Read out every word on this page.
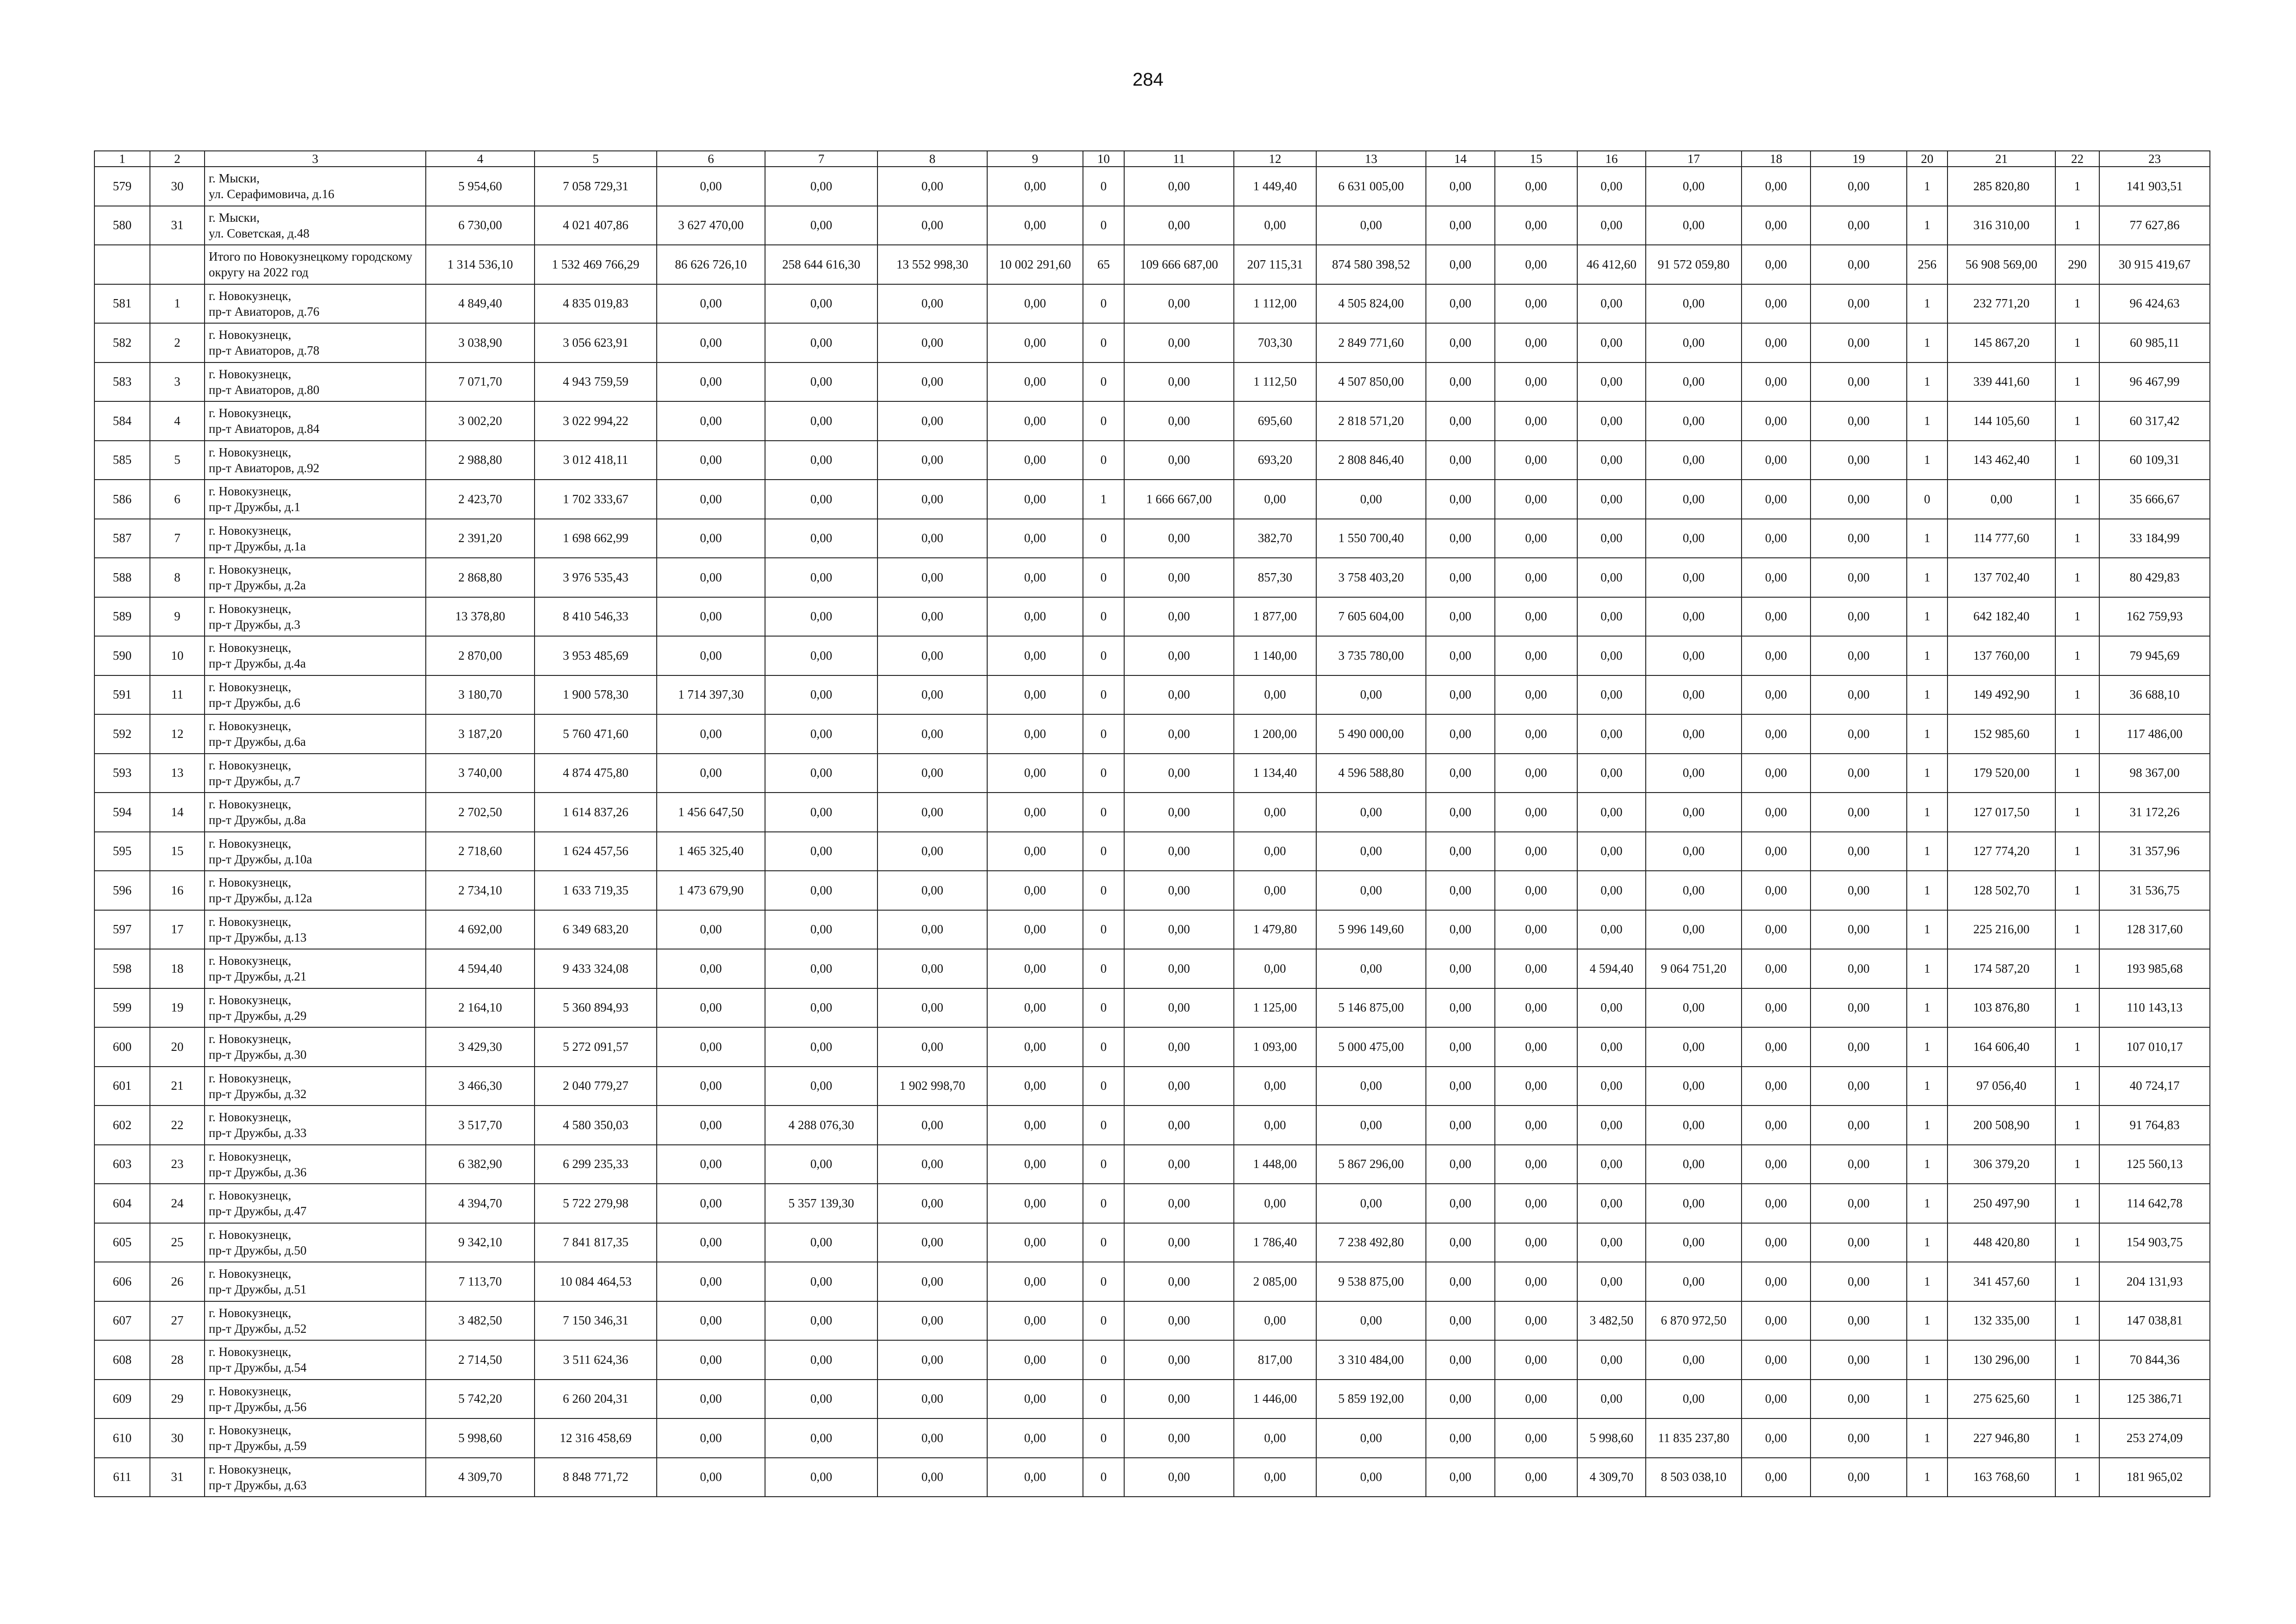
284
1	2	3	4	5	6	7	8	9	10	11	12	13	14	15	16	17	18	19	20	21	22	23
579	30	г. Мыски,
ул. Серафимовича, д.16	5 954,60	7 058 729,31	0,00	0,00	0,00	0,00	0	0,00	1 449,40	6 631 005,00	0,00	0,00	0,00	0,00	0,00	0,00	1	285 820,80	1	141 903,51
580	31	г. Мыски,
ул. Советская, д.48	6 730,00	4 021 407,86	3 627 470,00	0,00	0,00	0,00	0	0,00	0,00	0,00	0,00	0,00	0,00	0,00	0,00	0,00	1	316 310,00	1	77 627,86
		Итого по Новокузнецкому городскому
округу на 2022 год	1 314 536,10	1 532 469 766,29	86 626 726,10	258 644 616,30	13 552 998,30	10 002 291,60	65	109 666 687,00	207 115,31	874 580 398,52	0,00	0,00	46 412,60	91 572 059,80	0,00	0,00	256	56 908 569,00	290	30 915 419,67
581	1	г. Новокузнецк,
пр-т Авиаторов, д.76	4 849,40	4 835 019,83	0,00	0,00	0,00	0,00	0	0,00	1 112,00	4 505 824,00	0,00	0,00	0,00	0,00	0,00	0,00	1	232 771,20	1	96 424,63
582	2	г. Новокузнецк,
пр-т Авиаторов, д.78	3 038,90	3 056 623,91	0,00	0,00	0,00	0,00	0	0,00	703,30	2 849 771,60	0,00	0,00	0,00	0,00	0,00	0,00	1	145 867,20	1	60 985,11
583	3	г. Новокузнецк,
пр-т Авиаторов, д.80	7 071,70	4 943 759,59	0,00	0,00	0,00	0,00	0	0,00	1 112,50	4 507 850,00	0,00	0,00	0,00	0,00	0,00	0,00	1	339 441,60	1	96 467,99
584	4	г. Новокузнецк,
пр-т Авиаторов, д.84	3 002,20	3 022 994,22	0,00	0,00	0,00	0,00	0	0,00	695,60	2 818 571,20	0,00	0,00	0,00	0,00	0,00	0,00	1	144 105,60	1	60 317,42
585	5	г. Новокузнецк,
пр-т Авиаторов, д.92	2 988,80	3 012 418,11	0,00	0,00	0,00	0,00	0	0,00	693,20	2 808 846,40	0,00	0,00	0,00	0,00	0,00	0,00	1	143 462,40	1	60 109,31
586	6	г. Новокузнецк,
пр-т Дружбы, д.1	2 423,70	1 702 333,67	0,00	0,00	0,00	0,00	1	1 666 667,00	0,00	0,00	0,00	0,00	0,00	0,00	0,00	0,00	0	0,00	1	35 666,67
587	7	г. Новокузнецк,
пр-т Дружбы, д.1а	2 391,20	1 698 662,99	0,00	0,00	0,00	0,00	0	0,00	382,70	1 550 700,40	0,00	0,00	0,00	0,00	0,00	0,00	1	114 777,60	1	33 184,99
588	8	г. Новокузнецк,
пр-т Дружбы, д.2а	2 868,80	3 976 535,43	0,00	0,00	0,00	0,00	0	0,00	857,30	3 758 403,20	0,00	0,00	0,00	0,00	0,00	0,00	1	137 702,40	1	80 429,83
589	9	г. Новокузнецк,
пр-т Дружбы, д.3	13 378,80	8 410 546,33	0,00	0,00	0,00	0,00	0	0,00	1 877,00	7 605 604,00	0,00	0,00	0,00	0,00	0,00	0,00	1	642 182,40	1	162 759,93
590	10	г. Новокузнецк,
пр-т Дружбы, д.4а	2 870,00	3 953 485,69	0,00	0,00	0,00	0,00	0	0,00	1 140,00	3 735 780,00	0,00	0,00	0,00	0,00	0,00	0,00	1	137 760,00	1	79 945,69
591	11	г. Новокузнецк,
пр-т Дружбы, д.6	3 180,70	1 900 578,30	1 714 397,30	0,00	0,00	0,00	0	0,00	0,00	0,00	0,00	0,00	0,00	0,00	0,00	0,00	1	149 492,90	1	36 688,10
592	12	г. Новокузнецк,
пр-т Дружбы, д.6а	3 187,20	5 760 471,60	0,00	0,00	0,00	0,00	0	0,00	1 200,00	5 490 000,00	0,00	0,00	0,00	0,00	0,00	0,00	1	152 985,60	1	117 486,00
593	13	г. Новокузнецк,
пр-т Дружбы, д.7	3 740,00	4 874 475,80	0,00	0,00	0,00	0,00	0	0,00	1 134,40	4 596 588,80	0,00	0,00	0,00	0,00	0,00	0,00	1	179 520,00	1	98 367,00
594	14	г. Новокузнецк,
пр-т Дружбы, д.8а	2 702,50	1 614 837,26	1 456 647,50	0,00	0,00	0,00	0	0,00	0,00	0,00	0,00	0,00	0,00	0,00	0,00	0,00	1	127 017,50	1	31 172,26
595	15	г. Новокузнецк,
пр-т Дружбы, д.10а	2 718,60	1 624 457,56	1 465 325,40	0,00	0,00	0,00	0	0,00	0,00	0,00	0,00	0,00	0,00	0,00	0,00	0,00	1	127 774,20	1	31 357,96
596	16	г. Новокузнецк,
пр-т Дружбы, д.12а	2 734,10	1 633 719,35	1 473 679,90	0,00	0,00	0,00	0	0,00	0,00	0,00	0,00	0,00	0,00	0,00	0,00	0,00	1	128 502,70	1	31 536,75
597	17	г. Новокузнецк,
пр-т Дружбы, д.13	4 692,00	6 349 683,20	0,00	0,00	0,00	0,00	0	0,00	1 479,80	5 996 149,60	0,00	0,00	0,00	0,00	0,00	0,00	1	225 216,00	1	128 317,60
598	18	г. Новокузнецк,
пр-т Дружбы, д.21	4 594,40	9 433 324,08	0,00	0,00	0,00	0,00	0	0,00	0,00	0,00	0,00	0,00	4 594,40	9 064 751,20	0,00	0,00	1	174 587,20	1	193 985,68
599	19	г. Новокузнецк,
пр-т Дружбы, д.29	2 164,10	5 360 894,93	0,00	0,00	0,00	0,00	0	0,00	1 125,00	5 146 875,00	0,00	0,00	0,00	0,00	0,00	0,00	1	103 876,80	1	110 143,13
600	20	г. Новокузнецк,
пр-т Дружбы, д.30	3 429,30	5 272 091,57	0,00	0,00	0,00	0,00	0	0,00	1 093,00	5 000 475,00	0,00	0,00	0,00	0,00	0,00	0,00	1	164 606,40	1	107 010,17
601	21	г. Новокузнецк,
пр-т Дружбы, д.32	3 466,30	2 040 779,27	0,00	0,00	1 902 998,70	0,00	0	0,00	0,00	0,00	0,00	0,00	0,00	0,00	0,00	0,00	1	97 056,40	1	40 724,17
602	22	г. Новокузнецк,
пр-т Дружбы, д.33	3 517,70	4 580 350,03	0,00	4 288 076,30	0,00	0,00	0	0,00	0,00	0,00	0,00	0,00	0,00	0,00	0,00	0,00	1	200 508,90	1	91 764,83
603	23	г. Новокузнецк,
пр-т Дружбы, д.36	6 382,90	6 299 235,33	0,00	0,00	0,00	0,00	0	0,00	1 448,00	5 867 296,00	0,00	0,00	0,00	0,00	0,00	0,00	1	306 379,20	1	125 560,13
604	24	г. Новокузнецк,
пр-т Дружбы, д.47	4 394,70	5 722 279,98	0,00	5 357 139,30	0,00	0,00	0	0,00	0,00	0,00	0,00	0,00	0,00	0,00	0,00	0,00	1	250 497,90	1	114 642,78
605	25	г. Новокузнецк,
пр-т Дружбы, д.50	9 342,10	7 841 817,35	0,00	0,00	0,00	0,00	0	0,00	1 786,40	7 238 492,80	0,00	0,00	0,00	0,00	0,00	0,00	1	448 420,80	1	154 903,75
606	26	г. Новокузнецк,
пр-т Дружбы, д.51	7 113,70	10 084 464,53	0,00	0,00	0,00	0,00	0	0,00	2 085,00	9 538 875,00	0,00	0,00	0,00	0,00	0,00	0,00	1	341 457,60	1	204 131,93
607	27	г. Новокузнецк,
пр-т Дружбы, д.52	3 482,50	7 150 346,31	0,00	0,00	0,00	0,00	0	0,00	0,00	0,00	0,00	0,00	3 482,50	6 870 972,50	0,00	0,00	1	132 335,00	1	147 038,81
608	28	г. Новокузнецк,
пр-т Дружбы, д.54	2 714,50	3 511 624,36	0,00	0,00	0,00	0,00	0	0,00	817,00	3 310 484,00	0,00	0,00	0,00	0,00	0,00	0,00	1	130 296,00	1	70 844,36
609	29	г. Новокузнецк,
пр-т Дружбы, д.56	5 742,20	6 260 204,31	0,00	0,00	0,00	0,00	0	0,00	1 446,00	5 859 192,00	0,00	0,00	0,00	0,00	0,00	0,00	1	275 625,60	1	125 386,71
610	30	г. Новокузнецк,
пр-т Дружбы, д.59	5 998,60	12 316 458,69	0,00	0,00	0,00	0,00	0	0,00	0,00	0,00	0,00	0,00	5 998,60	11 835 237,80	0,00	0,00	1	227 946,80	1	253 274,09
611	31	г. Новокузнецк,
пр-т Дружбы, д.63	4 309,70	8 848 771,72	0,00	0,00	0,00	0,00	0	0,00	0,00	0,00	0,00	0,00	4 309,70	8 503 038,10	0,00	0,00	1	163 768,60	1	181 965,02
